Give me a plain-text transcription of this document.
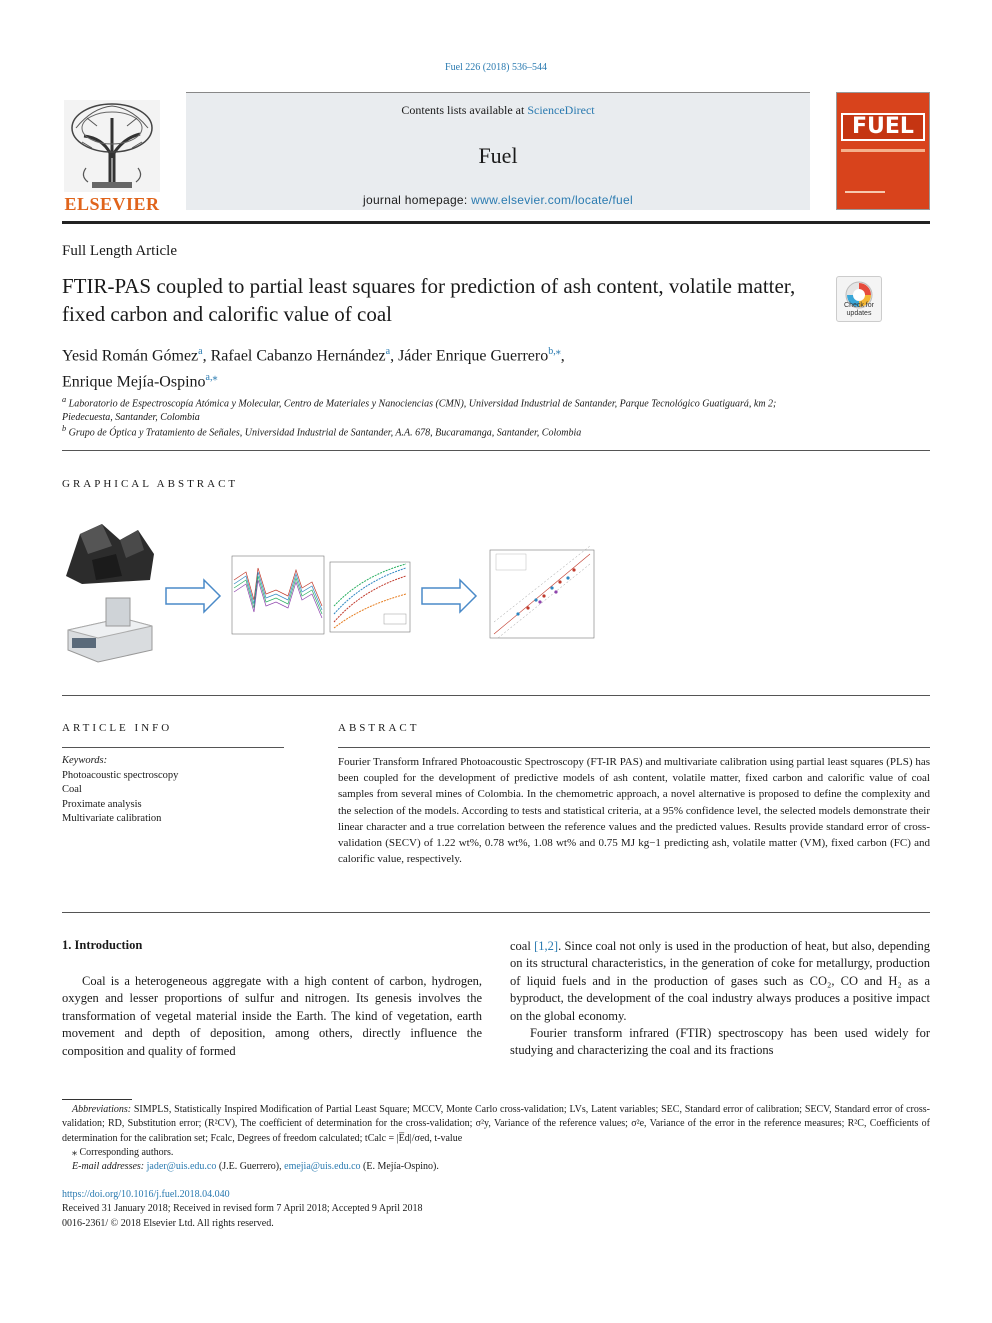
Fuel 226 (2018) 536–544
ELSEVIER
Contents lists available at ScienceDirect
Fuel
journal homepage: www.elsevier.com/locate/fuel
FUEL
Full Length Article
FTIR-PAS coupled to partial least squares for prediction of ash content, volatile matter, fixed carbon and calorific value of coal	Check for updates
Yesid Román Gómez$^a$, Rafael Cabanzo Hernández$^a$, Jáder Enrique Guerrero$^{b,⁎}$,
Enrique Mejía-Ospino$^{a,⁎}$
$^a$ Laboratorio de Espectroscopía Atómica y Molecular, Centro de Materiales y Nanociencias (CMN), Universidad Industrial de Santander, Parque Tecnológico Guatiguará, km 2; Piedecuesta, Santander, Colombia
$^b$ Grupo de Óptica y Tratamiento de Señales, Universidad Industrial de Santander, A.A. 678, Bucaramanga, Santander, Colombia
GRAPHICAL ABSTRACT
ARTICLE INFO	ABSTRACT
Keywords:
Photoacoustic spectroscopy
Coal
Proximate analysis
Multivariate calibration
Fourier Transform Infrared Photoacoustic Spectroscopy (FT-IR PAS) and multivariate calibration using partial least squares (PLS) has been coupled for the development of predictive models of ash content, volatile matter, fixed carbon and calorific value of coal samples from several mines of Colombia. In the chemometric approach, a novel alternative is proposed to define the complexity and the selection of the models. According to tests and statistical criteria, at a 95% confidence level, the selected models demonstrate their linear character and a true correlation between the reference values and the predicted values. Results provide standard error of cross-validation (SECV) of 1.22 wt%, 0.78 wt%, 1.08 wt% and 0.75 MJ kg−1 predicting ash, volatile matter (VM), fixed carbon (FC) and calorific value, respectively.
1. Introduction

Coal is a heterogeneous aggregate with a high content of carbon, hydrogen, oxygen and lesser proportions of sulfur and nitrogen. Its genesis involves the transformation of vegetal material inside the Earth. The kind of vegetation, earth movement and depth of deposition, among others, directly influence the composition and quality of formed

coal [1,2]. Since coal not only is used in the production of heat, but also, depending on its structural characteristics, in the generation of coke for metallurgy, production of liquid fuels and in the production of gases such as CO₂, CO and H₂ as a byproduct, the development of the coal industry always produces a positive impact on the global economy.

Fourier transform infrared (FTIR) spectroscopy has been used widely for studying and characterizing the coal and its fractions

Abbreviations: SIMPLS, Statistically Inspired Modification of Partial Least Square; MCCV, Monte Carlo cross-validation; LVs, Latent variables; SEC, Standard error of calibration; SECV, Standard error of cross-validation; RD, Substitution error; (R²CV), The coefficient of determination for the cross-validation; σ²y, Variance of the reference values; σ²e, Variance of the error in the reference measures; R²C, Coefficients of determination for the calibration set; Fcalc, Degrees of freedom calculated; tCalc = |E̅d|/σed, t-value

⁎ Corresponding authors.

E-mail addresses: jader@uis.edu.co (J.E. Guerrero), emejia@uis.edu.co (E. Mejía-Ospino).

https://doi.org/10.1016/j.fuel.2018.04.040
Received 31 January 2018; Received in revised form 7 April 2018; Accepted 9 April 2018
0016-2361/ © 2018 Elsevier Ltd. All rights reserved.
